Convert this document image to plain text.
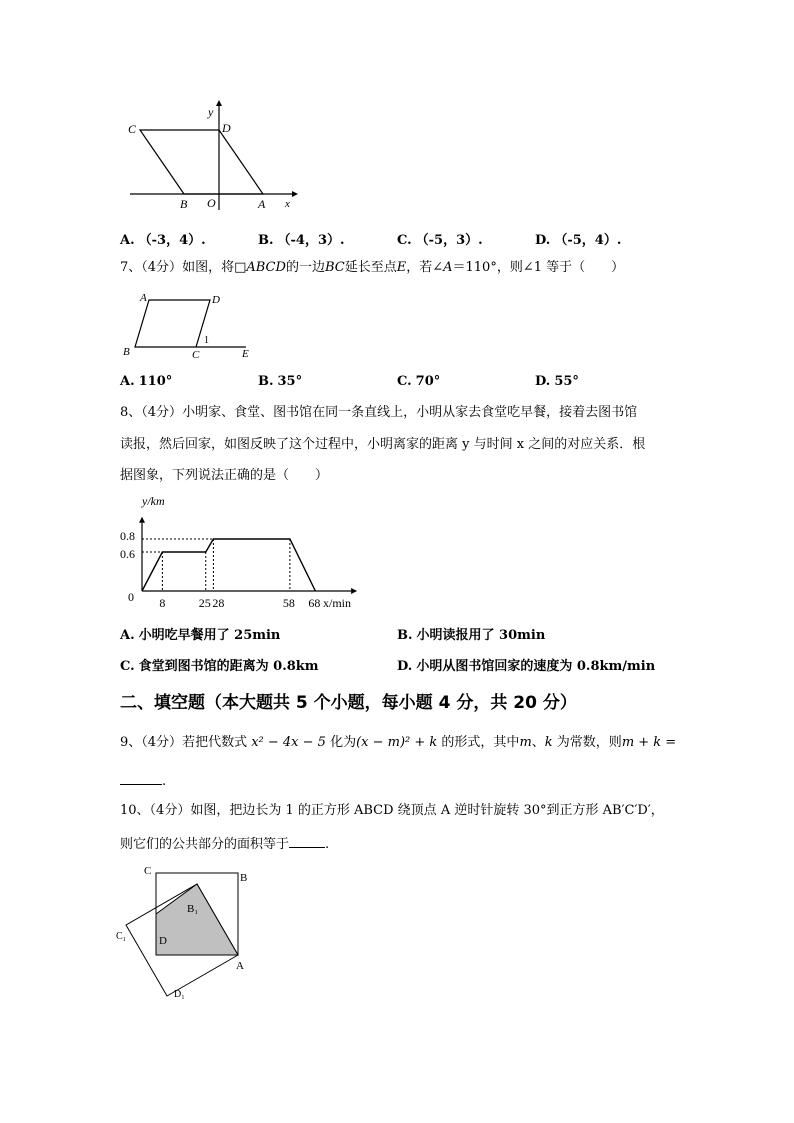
C	D
y
B O	A x
A. （-3，4）.	B. （-4，3）.	C. （-5，3）.	D. （-5，4）.
7、（4分）如图，将□ABCD的一边BC延长至点E，若∠A＝110°，则∠1 等于（　　）
A	D
B	C
1
E
A. 110°	B. 35°	C. 70°	D. 55°
8、（4分）小明家、食堂、图书馆在同一条直线上，小明从家去食堂吃早餐，接着去图书馆
读报，然后回家，如图反映了这个过程中，小明离家的距离 y 与时间 x 之间的对应关系．根
据图象，下列说法正确的是（　　）
8	25 28	58 68
0.6
0.8
y/km
x/min
0
A. 小明吃早餐用了 25min	B. 小明读报用了 30min
C. 食堂到图书馆的距离为 0.8km	D. 小明从图书馆回家的速度为 0.8km/min
二、填空题（本大题共 5 个小题，每小题 4 分，共 20 分）
9、（4分）若把代数式 x² − 4x − 5 化为(x − m)² + k 的形式，其中m、k 为常数，则m + k =
.
10、（4分）如图，把边长为 1 的正方形 ABCD 绕顶点 A 逆时针旋转 30°到正方形 AB′C′D′，
则它们的公共部分的面积等于	.
C
B
B₁
C₁	D
A
D₁
